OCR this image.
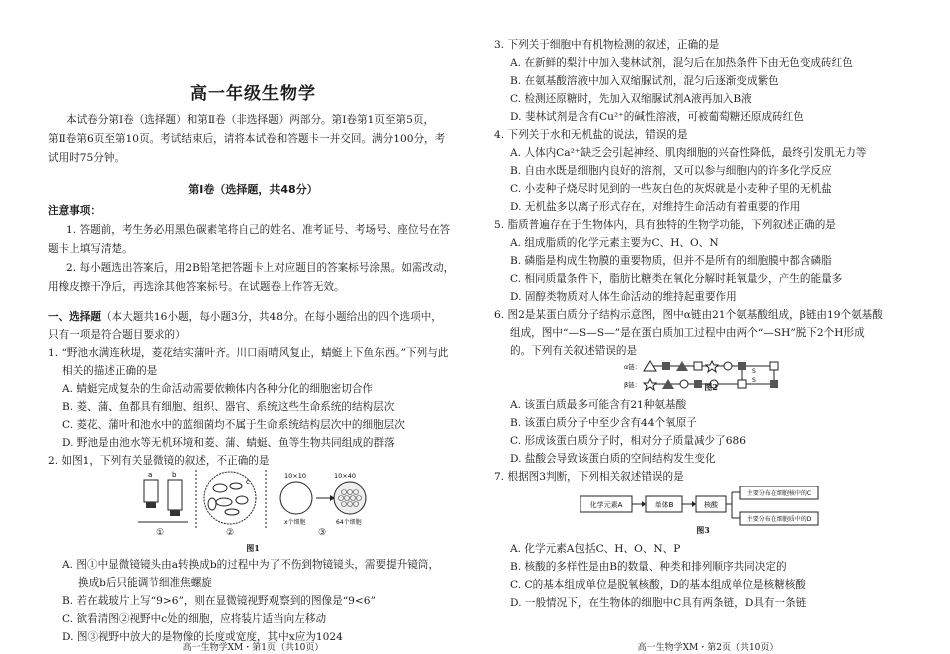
高一年级生物学
本试卷分第Ⅰ卷（选择题）和第Ⅱ卷（非选择题）两部分。第Ⅰ卷第1页至第5页，
第Ⅱ卷第6页至第10页。考试结束后，请将本试卷和答题卡一并交回。满分100分，考
试用时75分钟。
第Ⅰ卷（选择题，共48分）
注意事项：
1. 答题前，考生务必用黑色碳素笔将自己的姓名、准考证号、考场号、座位号在答
题卡上填写清楚。
2. 每小题选出答案后，用2B铅笔把答题卡上对应题目的答案标号涂黑。如需改动，
用橡皮擦干净后，再选涂其他答案标号。在试题卷上作答无效。
一、选择题（本大题共16小题，每小题3分，共48分。在每小题给出的四个选项中，
只有一项是符合题目要求的）
1. “野池水满连秋堤，菱花结实蒲叶齐。川口雨晴风复止，蜻蜓上下鱼东西。”下列与此
相关的描述正确的是
A. 蜻蜓完成复杂的生命活动需要依赖体内各种分化的细胞密切合作
B. 菱、蒲、鱼都具有细胞、组织、器官、系统这些生命系统的结构层次
C. 菱花、蒲叶和池水中的蓝细菌均不属于生命系统结构层次中的细胞层次
D. 野池是由池水等无机环境和菱、蒲、蜻蜓、鱼等生物共同组成的群落
2. 如图1，下列有关显微镜的叙述，不正确的是
a	b
c
10×10	10×40
x个细胞	64个细胞
①	②	③
图1
A. 图①中显微镜镜头由a转换成b的过程中为了不伤到物镜镜头，需要提升镜筒，
换成b后只能调节细准焦螺旋
B. 若在载玻片上写“9>6”，则在显微镜视野观察到的图像是“9<6”
C. 欲看清图②视野中c处的细胞，应将装片适当向左移动
D. 图③视野中放大的是物像的长度或宽度，其中x应为1024
高一生物学XM・第1页（共10页）
3. 下列关于细胞中有机物检测的叙述，正确的是
A. 在新鲜的梨汁中加入斐林试剂，混匀后在加热条件下由无色变成砖红色
B. 在氨基酸溶液中加入双缩脲试剂，混匀后逐渐变成紫色
C. 检测还原糖时，先加入双缩脲试剂A液再加入B液
D. 斐林试剂是含有Cu²⁺的碱性溶液，可被葡萄糖还原成砖红色
4. 下列关于水和无机盐的说法，错误的是
A. 人体内Ca²⁺缺乏会引起神经、肌肉细胞的兴奋性降低，最终引发肌无力等
B. 自由水既是细胞内良好的溶剂，又可以参与细胞内的许多化学反应
C. 小麦种子烧尽时见到的一些灰白色的灰烬就是小麦种子里的无机盐
D. 无机盐多以离子形式存在，对维持生命活动有着重要的作用
5. 脂质普遍存在于生物体内，具有独特的生物学功能，下列叙述正确的是
A. 组成脂质的化学元素主要为C、H、O、N
B. 磷脂是构成生物膜的重要物质，但并不是所有的细胞膜中都含磷脂
C. 相同质量条件下，脂肪比糖类在氧化分解时耗氧量少，产生的能量多
D. 固醇类物质对人体生命活动的维持起重要作用
6. 图2是某蛋白质分子结构示意图，图中α链由21个氨基酸组成，β链由19个氨基酸
组成，图中“—S—S—”是在蛋白质加工过程中由两个“—SH”脱下2个H形成
的。下列有关叙述错误的是
α链：
β链：
S
S
图2
A. 该蛋白质最多可能含有21种氨基酸
B. 该蛋白质分子中至少含有44个氧原子
C. 形成该蛋白质分子时，相对分子质量减少了686
D. 盐酸会导致该蛋白质的空间结构发生变化
7. 根据图3判断，下列相关叙述错误的是
化学元素A	单体B	核酸
主要分布在细胞核中的C
主要分布在细胞质中的D
图3
A. 化学元素A包括C、H、O、N、P
B. 核酸的多样性是由B的数量、种类和排列顺序共同决定的
C. C的基本组成单位是脱氧核酸，D的基本组成单位是核糖核酸
D. 一般情况下，在生物体的细胞中C具有两条链，D具有一条链
高一生物学XM・第2页（共10页）
